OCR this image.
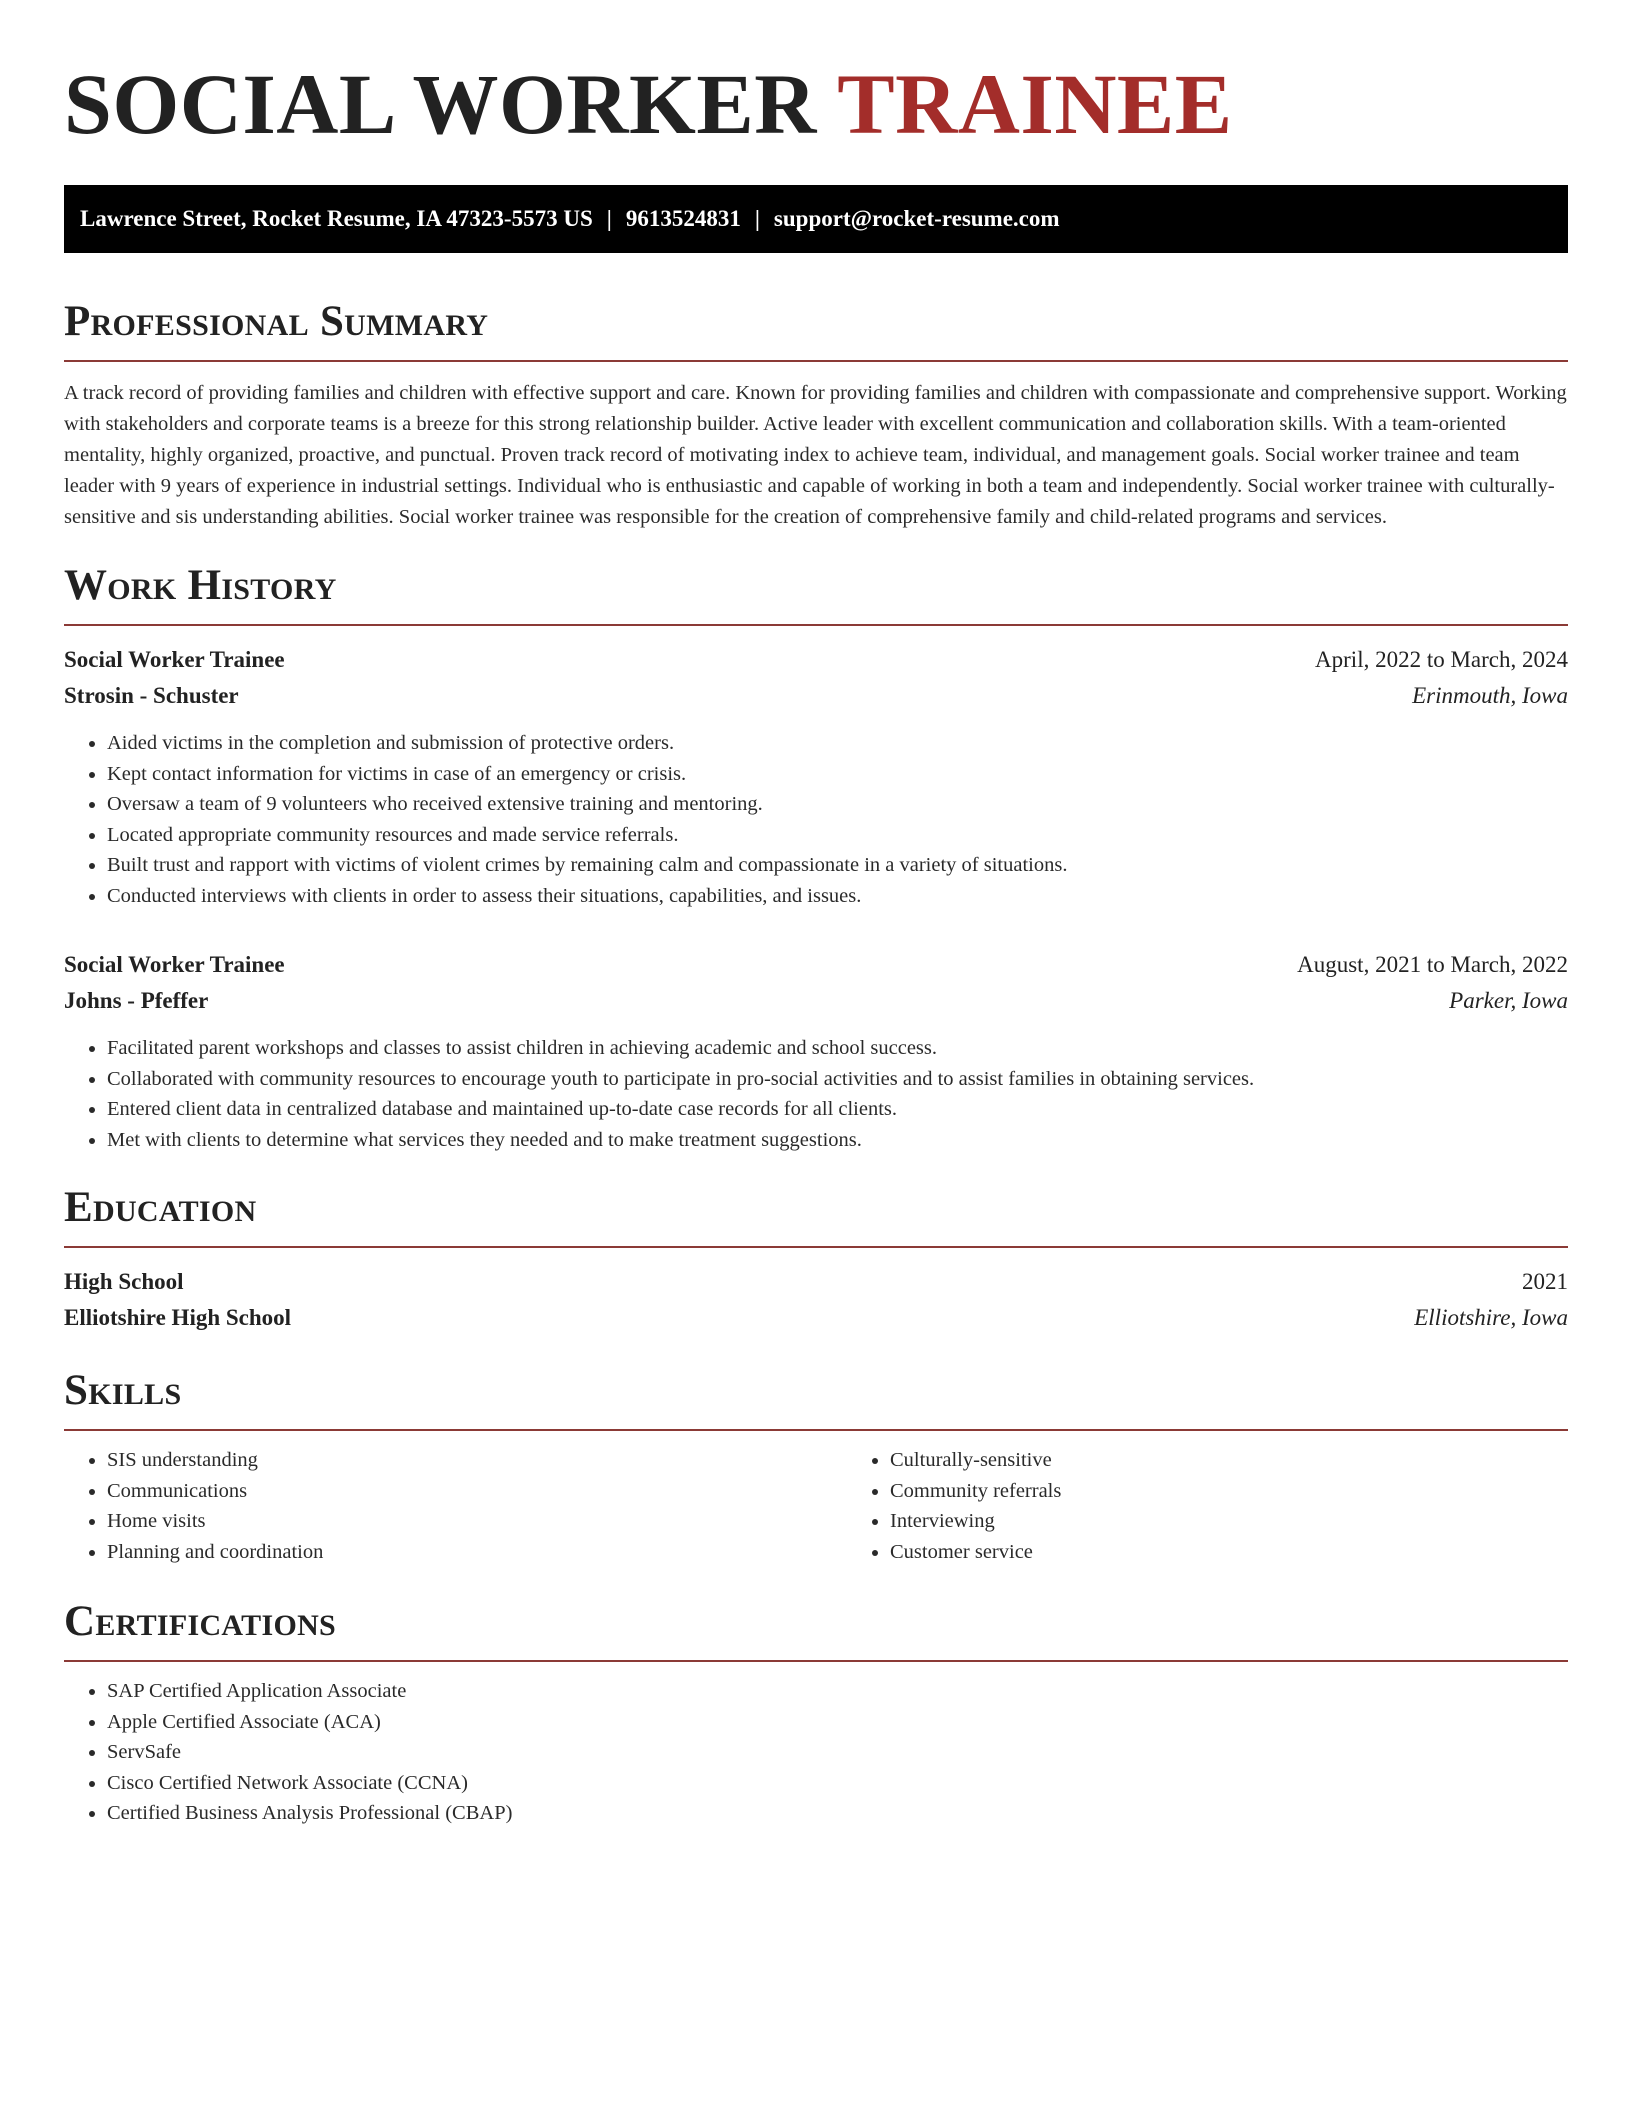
SOCIAL WORKER TRAINEE
Lawrence Street, Rocket Resume, IA 47323-5573 US | 9613524831 | support@rocket-resume.com
Professional Summary

A track record of providing families and children with effective support and care. Known for providing families and children with compassionate and comprehensive support. Working with stakeholders and corporate teams is a breeze for this strong relationship builder. Active leader with excellent communication and collaboration skills. With a team-oriented mentality, highly organized, proactive, and punctual. Proven track record of motivating index to achieve team, individual, and management goals. Social worker trainee and team leader with 9 years of experience in industrial settings. Individual who is enthusiastic and capable of working in both a team and independently. Social worker trainee with culturally-sensitive and sis understanding abilities. Social worker trainee was responsible for the creation of comprehensive family and child-related programs and services.

Work History
Social Worker Trainee	April, 2022 to March, 2024
Strosin - Schuster	Erinmouth, Iowa
• Aided victims in the completion and submission of protective orders.
• Kept contact information for victims in case of an emergency or crisis.
• Oversaw a team of 9 volunteers who received extensive training and mentoring.
• Located appropriate community resources and made service referrals.
• Built trust and rapport with victims of violent crimes by remaining calm and compassionate in a variety of situations.
• Conducted interviews with clients in order to assess their situations, capabilities, and issues.
Social Worker Trainee	August, 2021 to March, 2022
Johns - Pfeffer	Parker, Iowa
• Facilitated parent workshops and classes to assist children in achieving academic and school success.
• Collaborated with community resources to encourage youth to participate in pro-social activities and to assist families in obtaining services.
• Entered client data in centralized database and maintained up-to-date case records for all clients.
• Met with clients to determine what services they needed and to make treatment suggestions.
Education
High School	2021
Elliotshire High School	Elliotshire, Iowa
Skills
• SIS understanding
• Communications
• Home visits
• Planning and coordination
• Culturally-sensitive
• Community referrals
• Interviewing
• Customer service
Certifications
• SAP Certified Application Associate
• Apple Certified Associate (ACA)
• ServSafe
• Cisco Certified Network Associate (CCNA)
• Certified Business Analysis Professional (CBAP)
